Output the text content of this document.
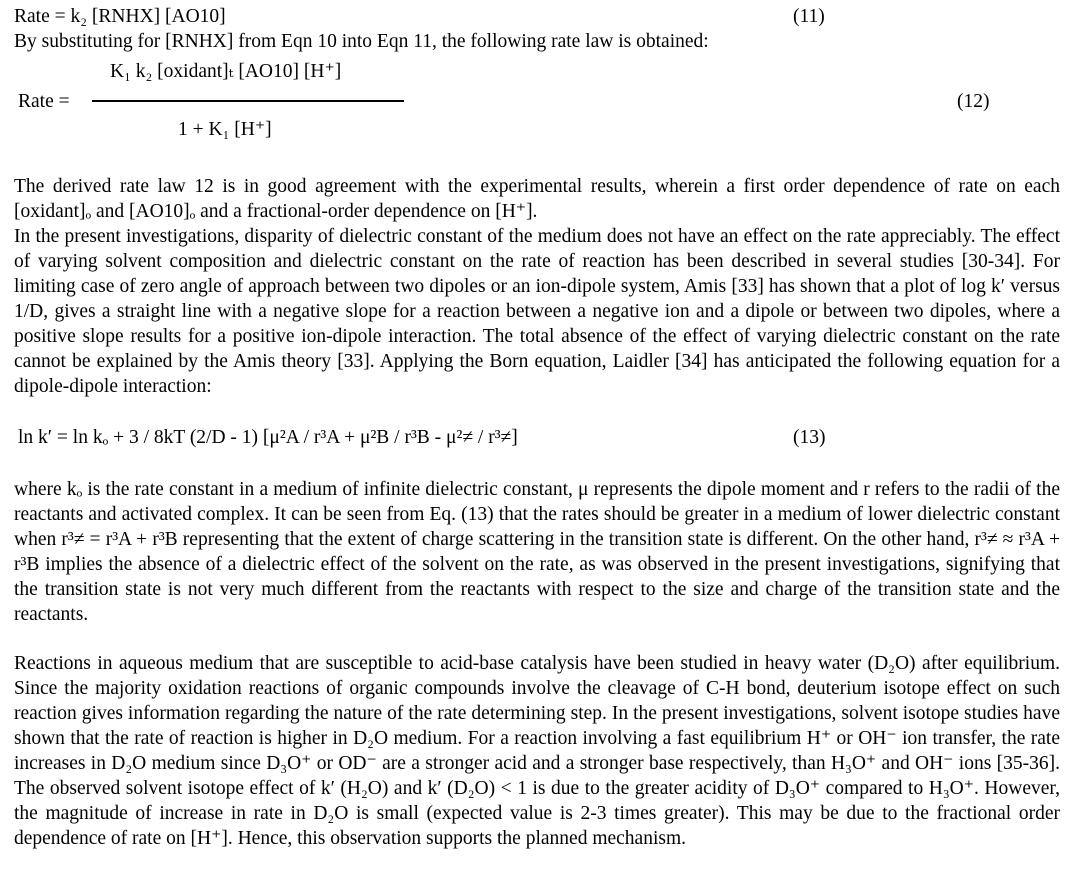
Rate = k₂ [RNHX] [AO10]	(11)
By substituting for [RNHX] from Eqn 10 into Eqn 11, the following rate law is obtained:
Rate =
K₁ k₂ [oxidant]ₜ [AO10] [H⁺]
1 + K₁ [H⁺]
(12)

The derived rate law 12 is in good agreement with the experimental results, wherein a first order dependence of rate on each [oxidant]ₒ and [AO10]ₒ and a fractional-order dependence on [H⁺].

In the present investigations, disparity of dielectric constant of the medium does not have an effect on the rate appreciably. The effect of varying solvent composition and dielectric constant on the rate of reaction has been described in several studies [30-34]. For limiting case of zero angle of approach between two dipoles or an ion-dipole system, Amis [33] has shown that a plot of log k′ versus 1/D, gives a straight line with a negative slope for a reaction between a negative ion and a dipole or between two dipoles, where a positive slope results for a positive ion-dipole interaction. The total absence of the effect of varying dielectric constant on the rate cannot be explained by the Amis theory [33]. Applying the Born equation, Laidler [34] has anticipated the following equation for a dipole-dipole interaction:

ln k′ = ln kₒ + 3 / 8kT (2/D - 1) [μ²A / r³A + μ²B / r³B - μ²≠ / r³≠]	(13)

where kₒ is the rate constant in a medium of infinite dielectric constant, μ represents the dipole moment and r refers to the radii of the reactants and activated complex. It can be seen from Eq. (13) that the rates should be greater in a medium of lower dielectric constant when r³≠ = r³A + r³B representing that the extent of charge scattering in the transition state is different. On the other hand, r³≠ ≈ r³A + r³B implies the absence of a dielectric effect of the solvent on the rate, as was observed in the present investigations, signifying that the transition state is not very much different from the reactants with respect to the size and charge of the transition state and the reactants.

Reactions in aqueous medium that are susceptible to acid-base catalysis have been studied in heavy water (D₂O) after equilibrium. Since the majority oxidation reactions of organic compounds involve the cleavage of C-H bond, deuterium isotope effect on such reaction gives information regarding the nature of the rate determining step. In the present investigations, solvent isotope studies have shown that the rate of reaction is higher in D₂O medium. For a reaction involving a fast equilibrium H⁺ or OH⁻ ion transfer, the rate increases in D₂O medium since D₃O⁺ or OD⁻ are a stronger acid and a stronger base respectively, than H₃O⁺ and OH⁻ ions [35-36]. The observed solvent isotope effect of k′ (H₂O) and k′ (D₂O) < 1 is due to the greater acidity of D₃O⁺ compared to H₃O⁺. However, the magnitude of increase in rate in D₂O is small (expected value is 2-3 times greater). This may be due to the fractional order dependence of rate on [H⁺]. Hence, this observation supports the planned mechanism.
